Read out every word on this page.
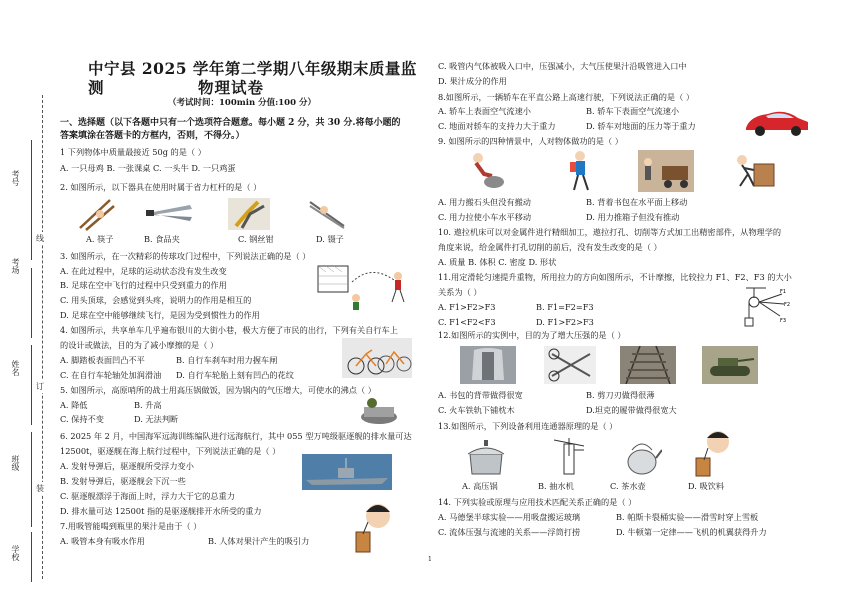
考号
考场
姓名
班级
学校
线
订
装
中宁县 2025 学年第二学期八年级期末质量监测	物理试卷
（考试时间：100min 分值:100 分）
一、选择题（以下各题中只有一个选项符合题意。每小题 2 分，共 30 分.将每小题的
答案填涂在答题卡的方框内，否则，不得分。）
1 下列物体中质量最接近 50g 的是（ ）
A. 一只母鸡 B. 一张课桌 C. 一头牛 D. 一只鸡蛋
2. 如图所示，以下器具在使用时属于省力杠杆的是（ ）
A. 筷子	B. 食品夹	C. 钢丝钳	D. 镊子
3. 如图所示，在一次精彩的传球攻门过程中，下列说法正确的是（ ）
A. 在此过程中，足球的运动状态没有发生改变
B. 足球在空中飞行的过程中只受到重力的作用
C. 用头顶球，会感觉到头疼，说明力的作用是相互的
D. 足球在空中能够继续飞行，是因为受到惯性力的作用
4. 如图所示，共享单车几乎遍布银川的大街小巷，极大方便了市民的出行，下列有关自行车上
的设计或做法，目的为了减小摩擦的是（ ）
A. 脚踏板表面凹凸不平	B. 自行车刹车时用力握车闸
C. 在自行车轮轴处加润滑油 D. 自行车轮胎上刻有凹凸的花纹
5. 如图所示，高原哨所的战士用高压锅做饭，因为锅内的气压增大，可使水的沸点（ ）
A. 降低	B. 升高
C. 保持不变	D. 无法判断
6. 2025 年 2 月，中国海军远海训练编队进行远海航行，其中 055 型万吨级驱逐舰的排水量可达
12500t，驱逐舰在海上航行过程中，下列说法正确的是（ ）
A. 发射导弹后，驱逐舰所受浮力变小
B. 发射导弹后，驱逐舰会下沉一些
C. 驱逐舰漂浮于海面上时，浮力大于它的总重力
D. 排水量可达 12500t 指的是驱逐舰排开水所受的重力
7.用吸管能喝到瓶里的果汁是由于（ ）
A. 吸管本身有吸水作用	B. 人体对果汁产生的吸引力
C. 吸管内气体被吸入口中，压强减小，大气压使果汁沿吸管进入口中
D. 果汁成分的作用
8.如图所示，一辆轿车在平直公路上高速行驶，下列说法正确的是（ ）
A. 轿车上表面空气流速小	B. 轿车下表面空气流速小
C. 地面对轿车的支持力大于重力	D. 轿车对地面的压力等于重力
9. 如图所示的四种情景中，人对物体做功的是（ ）
A. 用力搬石头但没有搬动	B. 背着书包在水平面上移动
C. 用力拉使小车水平移动	D. 用力推箱子但没有推动
10. 遨拉机床可以对金属件进行精细加工，遨拉打孔、切削等方式加工出精密部件，从物理学的
角度来说，给金属件打孔切削的前后，没有发生改变的是（ ）
A. 质量 B. 体积 C. 密度 D. 形状
11.用定滑轮匀速提升重物，所用拉力的方向如图所示，不计摩擦，比较拉力 F1、F2、F3 的大小
关系为（ ）
A. F1>F2>F3	B. F1=F2=F3
C. F1<F2<F3	D. F1>F2>F3
F1
F2
F3
12.如图所示的实例中，目的为了增大压强的是（ ）
A. 书包的背带做得很宽	B. 剪刀刃做得很薄
C. 火车铁轨下铺枕木	D.坦克的履带做得很宽大
13.如图所示，下列设备利用连通器原理的是（ ）
A. 高压锅	B. 抽水机	C. 茶水壶	D. 吸饮料
14. 下列实验或原理与应用技术匹配关系正确的是（ ）
A. 马德堡半球实验——用吸盘搬运玻璃	B. 帕斯卡裂桶实验——滑雪时穿上雪板
C. 流体压强与流速的关系——浮筒打捞	D. 牛顿第一定律——飞机的机翼获得升力
1
